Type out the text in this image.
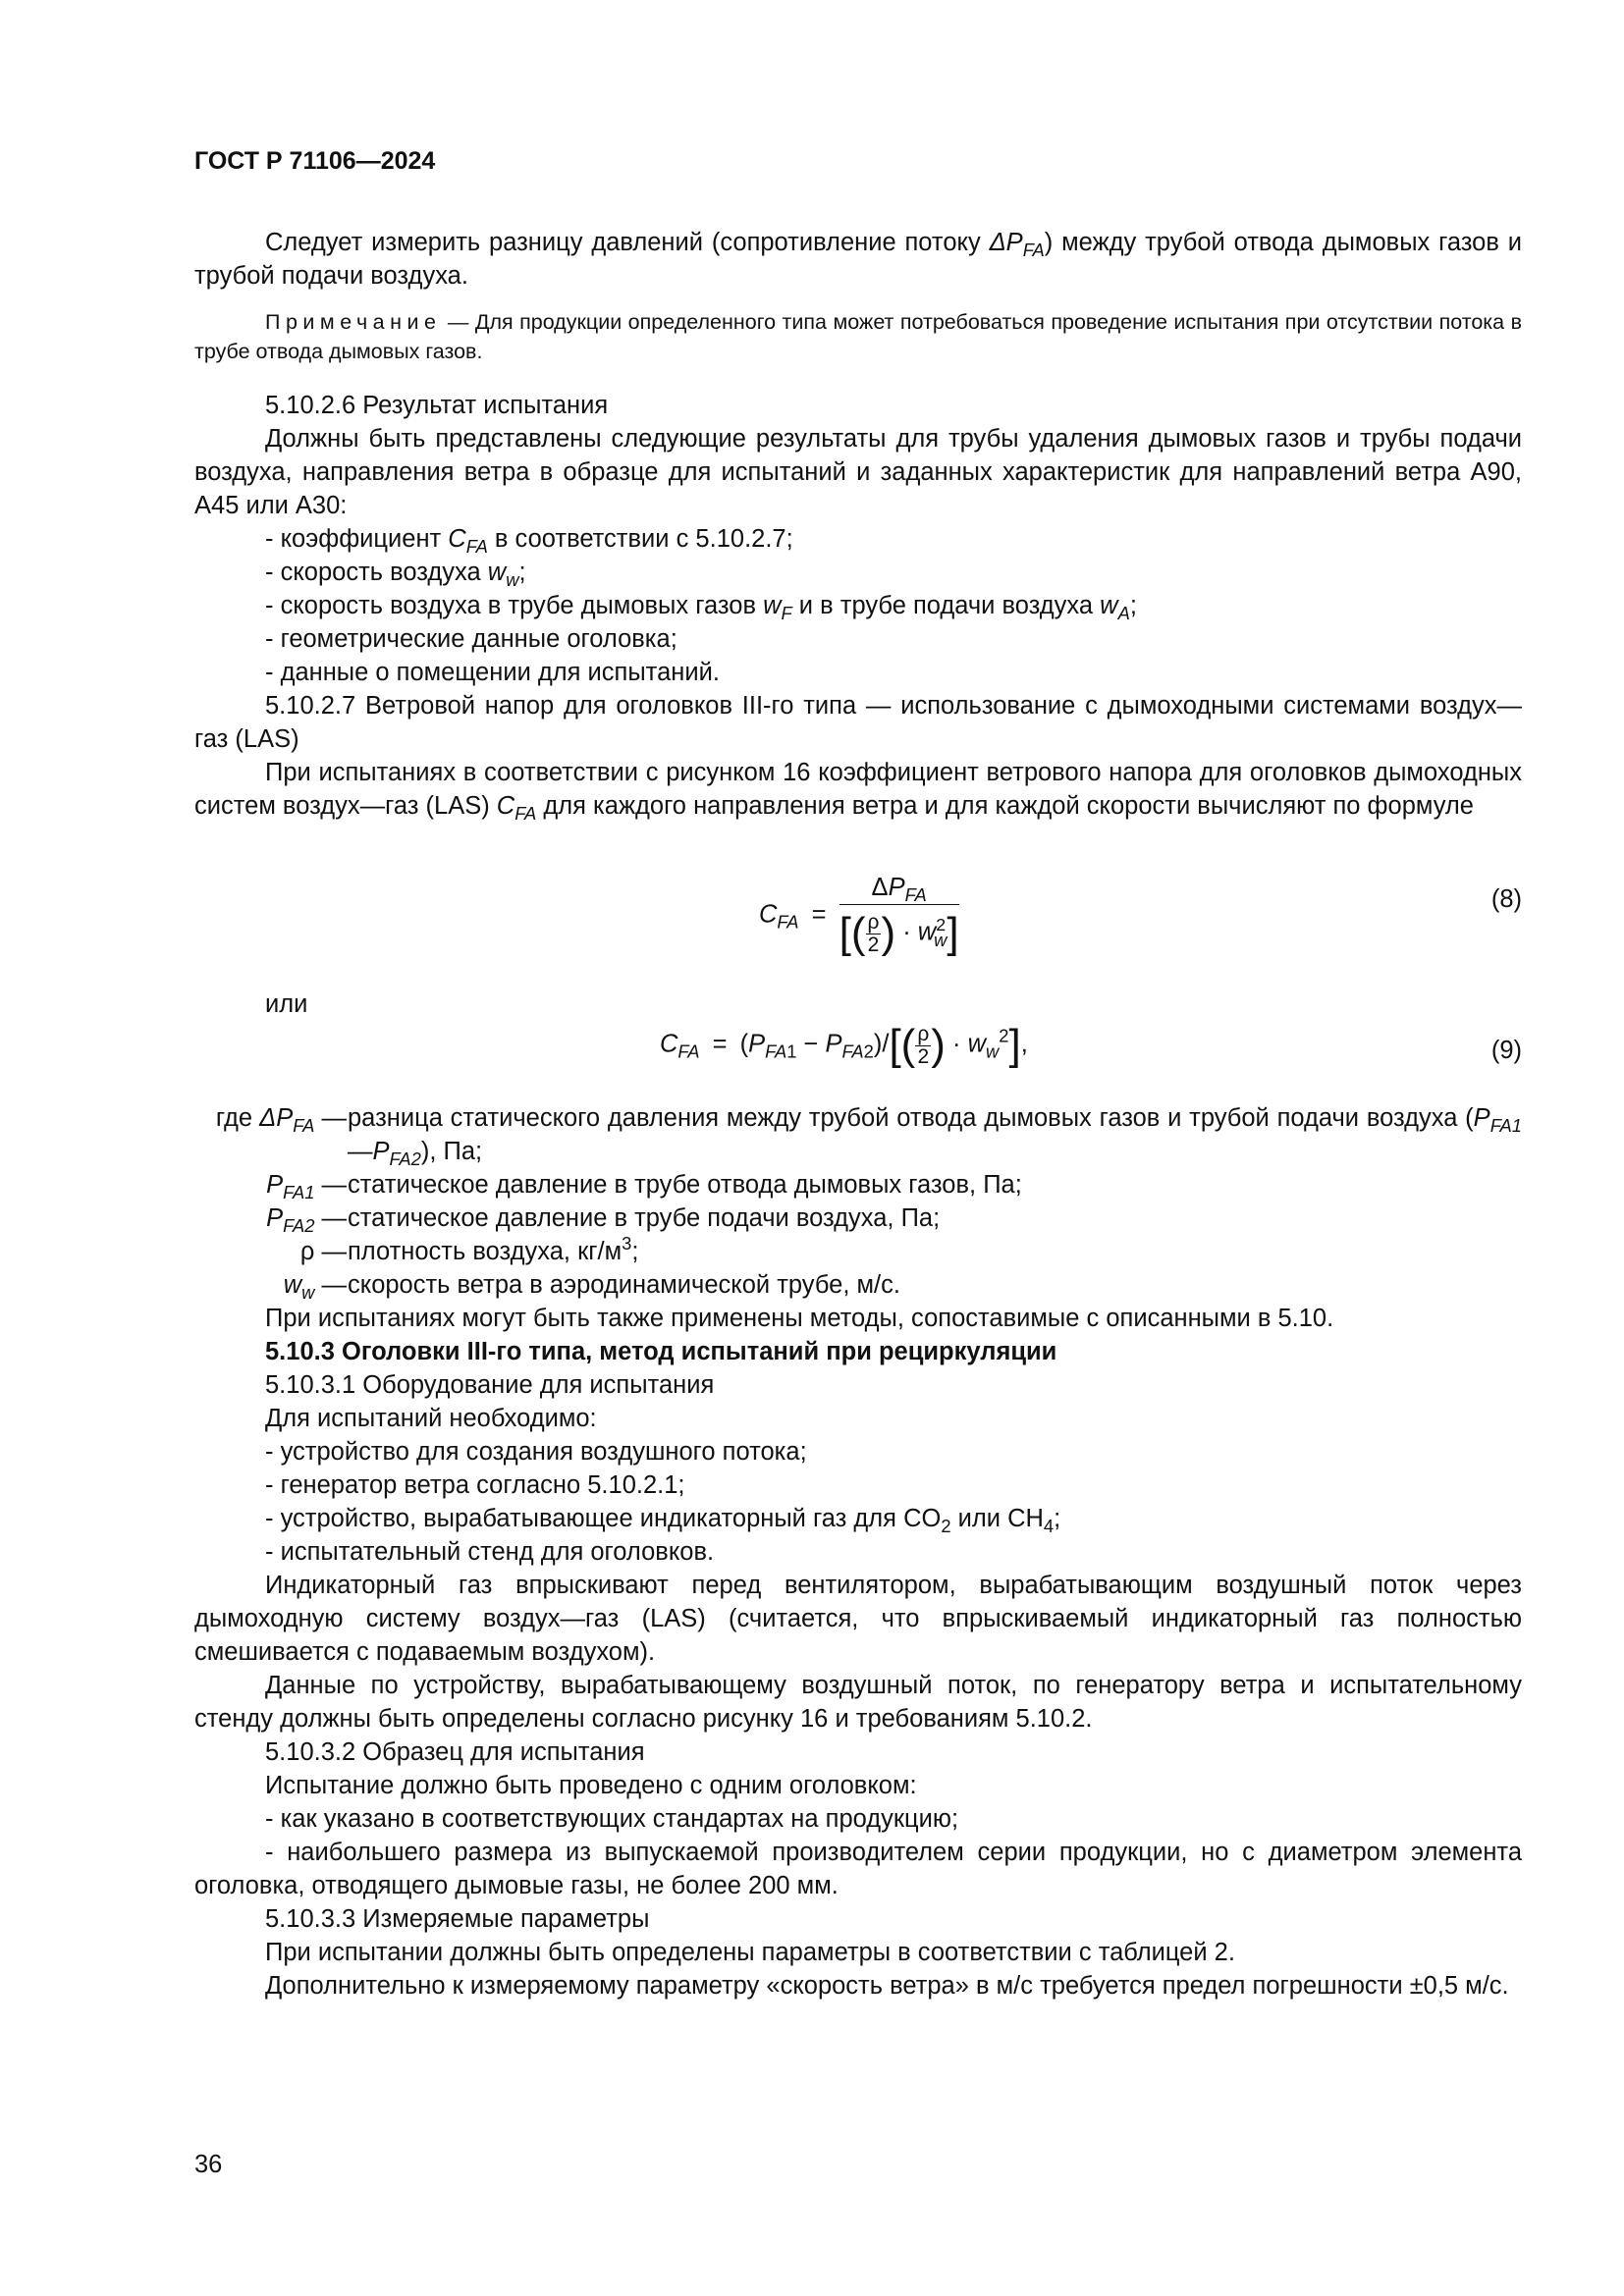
ГОСТ Р 71106—2024
Следует измерить разницу давлений (сопротивление потоку $\Delta P_{FA}$) между трубой отвода дымовых газов и трубой подачи воздуха.
Примечание — Для продукции определенного типа может потребоваться проведение испытания при отсутствии потока в трубе отвода дымовых газов.
5.10.2.6 Результат испытания
Должны быть представлены следующие результаты для трубы удаления дымовых газов и трубы подачи воздуха, направления ветра в образце для испытаний и заданных характеристик для направлений ветра А90, А45 или А30:
- коэффициент $C_{FA}$ в соответствии с 5.10.2.7;
- скорость воздуха $w_w$;
- скорость воздуха в трубе дымовых газов $w_F$ и в трубе подачи воздуха $w_A$;
- геометрические данные оголовка;
- данные о помещении для испытаний.
5.10.2.7 Ветровой напор для оголовков III-го типа — использование с дымоходными системами воздух—газ (LAS)
При испытаниях в соответствии с рисунком 16 коэффициент ветрового напора для оголовков дымоходных систем воздух—газ (LAS) $C_{FA}$ для каждого направления ветра и для каждой скорости вычисляют по формуле
$C_{FA} = \frac{\Delta P_{FA}}{[( \frac{\rho}{2} ) \cdot w^2_w]}$	(8)
или
$C_{FA} = (P_{FA1} - P_{FA2})/[( \frac{\rho}{2}$ ) · $w_w^2$],	(9)
где $\Delta P_{FA}$ — разница статического давления между трубой отвода дымовых газов и трубой подачи воздуха $(P_{FA1}—P_{FA2})$, Па;
$P_{FA1}$ — статическое давление в трубе отвода дымовых газов, Па;
$P_{FA2}$ — статическое давление в трубе подачи воздуха, Па;
ρ — плотность воздуха, $кг/м^3$;
$w_w$ — скорость ветра в аэродинамической трубе, м/с.
При испытаниях могут быть также применены методы, сопоставимые с описанными в 5.10.
5.10.3 Оголовки III-го типа, метод испытаний при рециркуляции
5.10.3.1 Оборудование для испытания
Для испытаний необходимо:
- устройство для создания воздушного потока;
- генератор ветра согласно 5.10.2.1;
- устройство, вырабатывающее индикаторный газ для $CO_2$ или $CH_4$;
- испытательный стенд для оголовков.
Индикаторный газ впрыскивают перед вентилятором, вырабатывающим воздушный поток через дымоходную систему воздух—газ (LAS) (считается, что впрыскиваемый индикаторный газ полностью смешивается с подаваемым воздухом).
Данные по устройству, вырабатывающему воздушный поток, по генератору ветра и испытательному стенду должны быть определены согласно рисунку 16 и требованиям 5.10.2.
5.10.3.2 Образец для испытания
Испытание должно быть проведено с одним оголовком:
- как указано в соответствующих стандартах на продукцию;
- наибольшего размера из выпускаемой производителем серии продукции, но с диаметром элемента оголовка, отводящего дымовые газы, не более 200 мм.
5.10.3.3 Измеряемые параметры
При испытании должны быть определены параметры в соответствии с таблицей 2.
Дополнительно к измеряемому параметру «скорость ветра» в м/с требуется предел погрешности ±0,5 м/с.
36
